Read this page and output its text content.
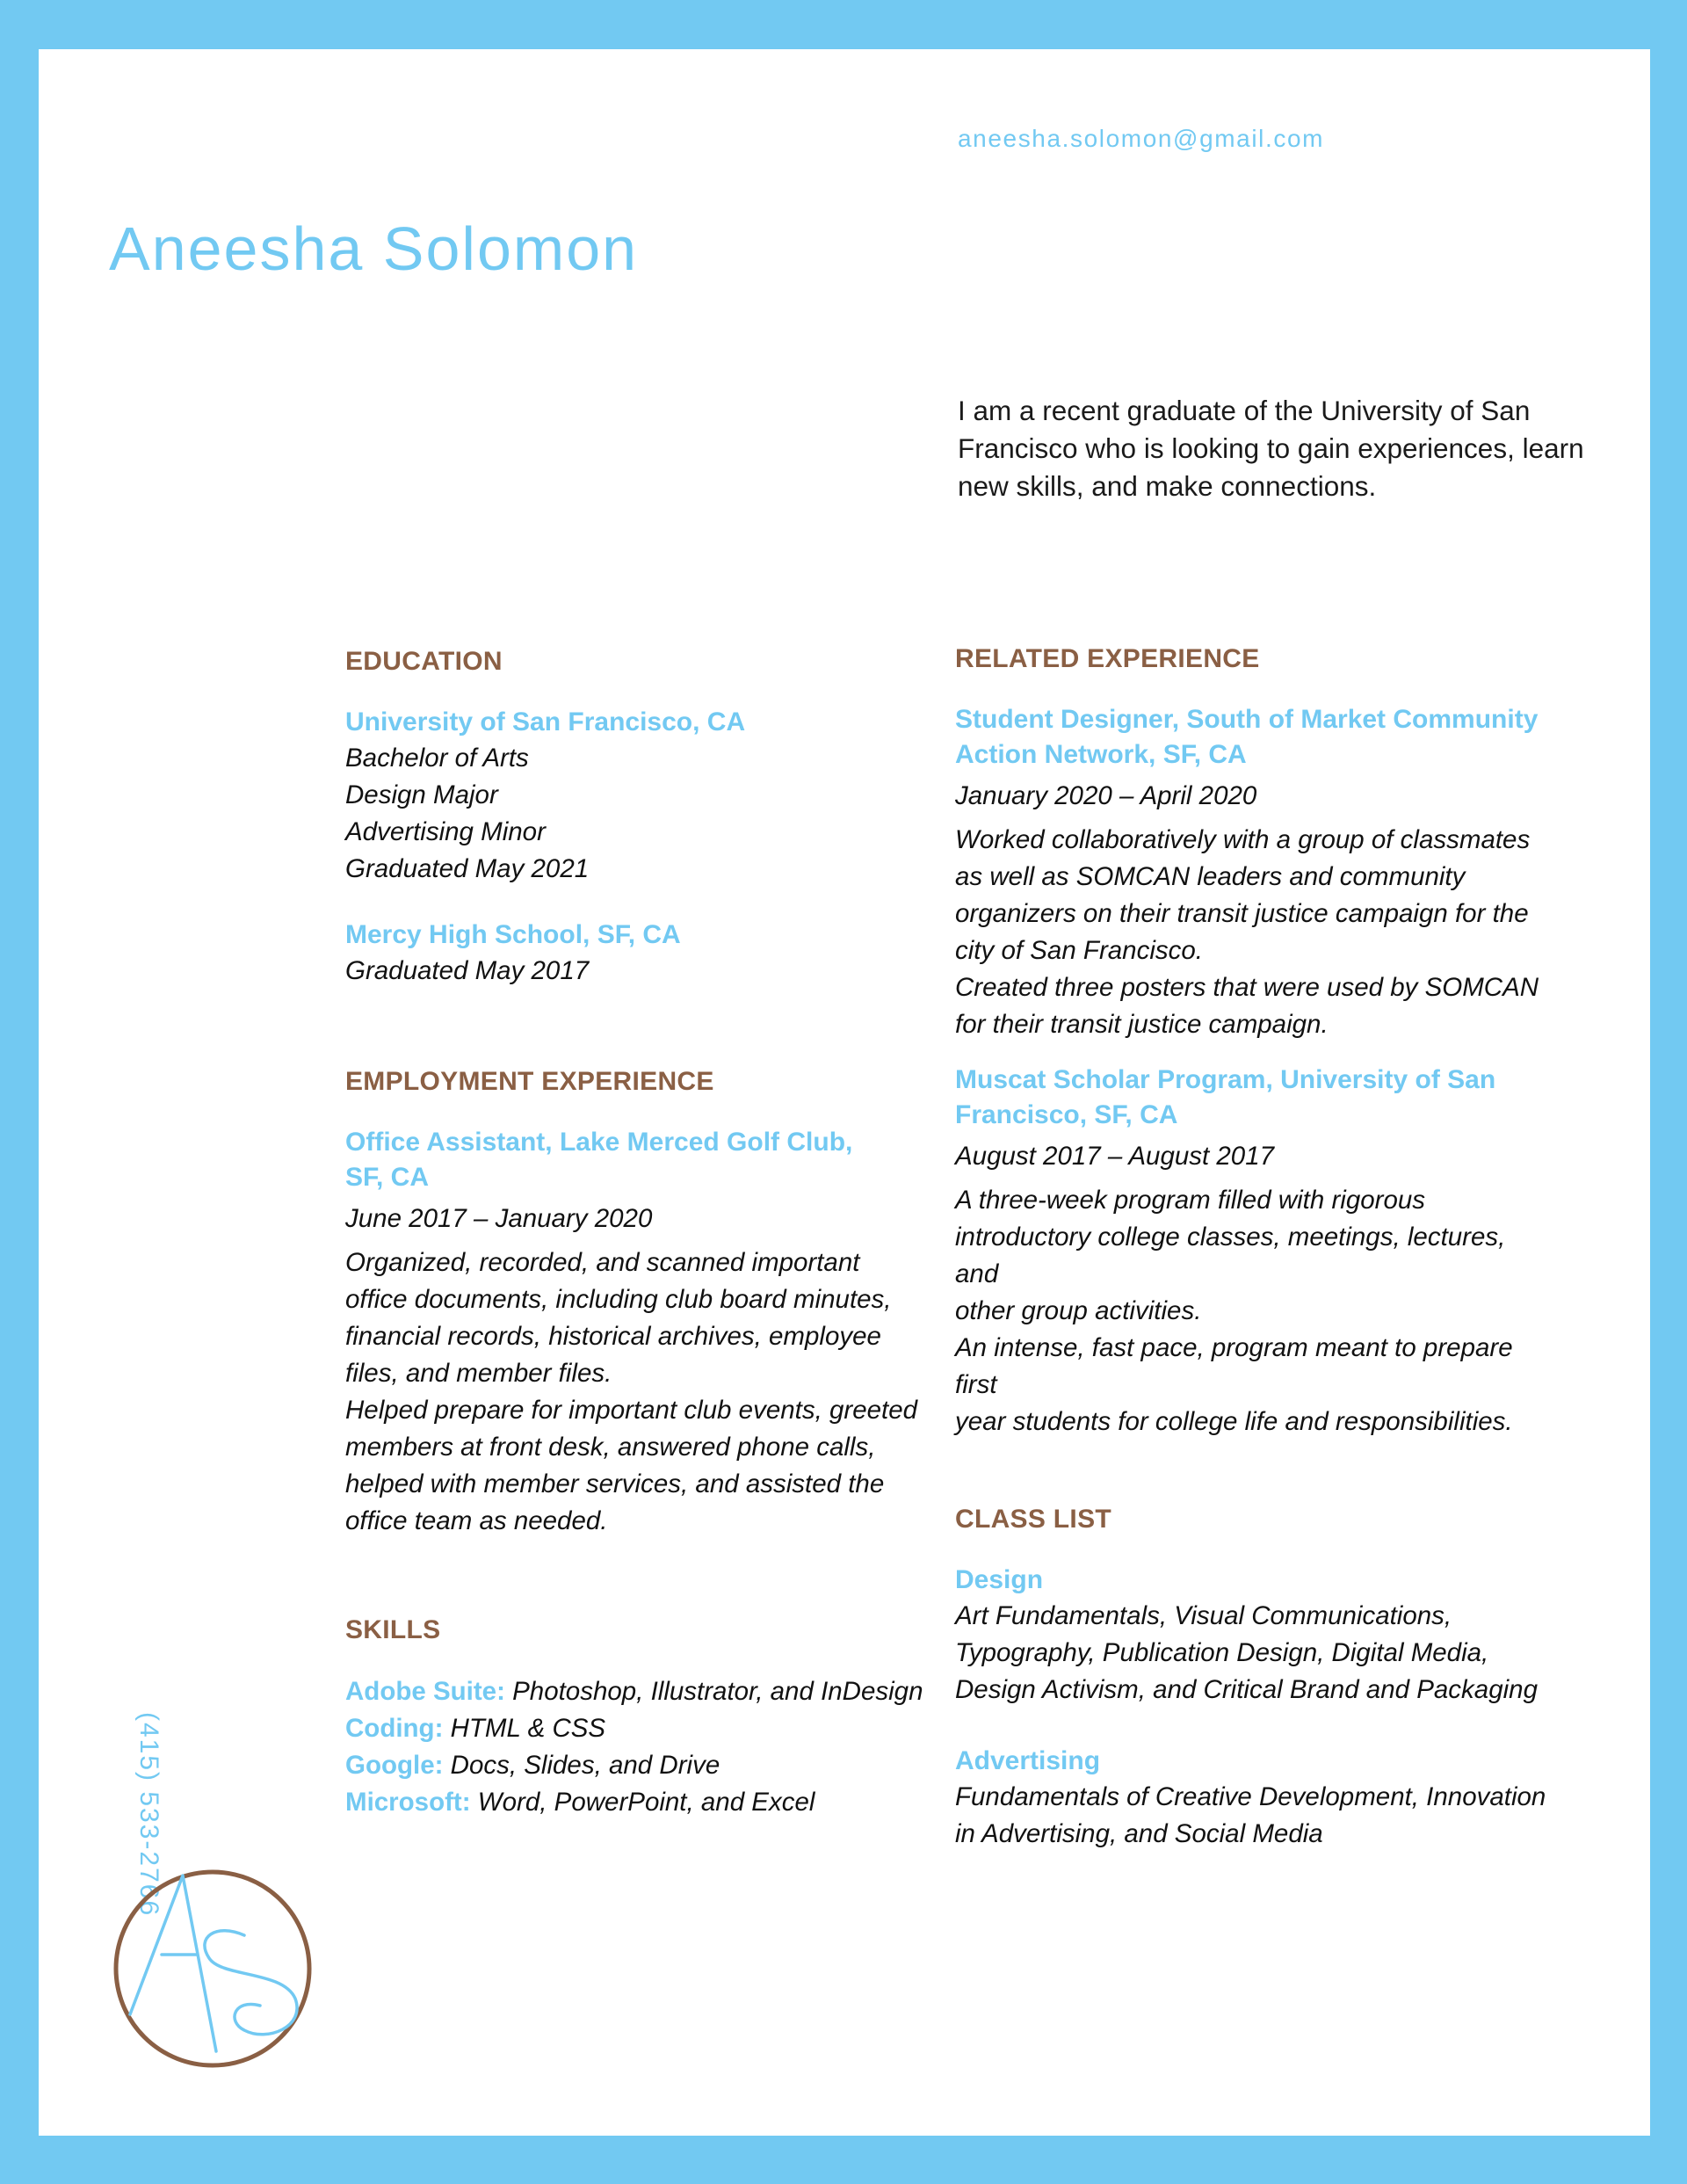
aneesha.solomon@gmail.com
Aneesha Solomon
I am a recent graduate of the University of San Francisco who is looking to gain experiences, learn new skills, and make connections.
EDUCATION
University of San Francisco, CA
Bachelor of Arts
Design Major
Advertising Minor
Graduated May 2021
Mercy High School, SF, CA
Graduated May 2017
EMPLOYMENT EXPERIENCE
Office Assistant, Lake Merced Golf Club,
SF, CA
June 2017 – January 2020
Organized, recorded, and scanned important
office documents, including club board minutes,
financial records, historical archives, employee
files, and member files.
Helped prepare for important club events, greeted
members at front desk, answered phone calls,
helped with member services, and assisted the
office team as needed.
SKILLS
Adobe Suite: Photoshop, Illustrator, and InDesign
Coding: HTML & CSS
Google: Docs, Slides, and Drive
Microsoft: Word, PowerPoint, and Excel
RELATED EXPERIENCE
Student Designer, South of Market Community
Action Network, SF, CA
January 2020 – April 2020
Worked collaboratively with a group of classmates
as well as SOMCAN leaders and community
organizers on their transit justice campaign for the
city of San Francisco.
Created three posters that were used by SOMCAN
for their transit justice campaign.
Muscat Scholar Program, University of San
Francisco, SF, CA
August 2017 – August 2017
A three-week program filled with rigorous
introductory college classes, meetings, lectures, and
other group activities.
An intense, fast pace, program meant to prepare first
year students for college life and responsibilities.
CLASS LIST
Design
Art Fundamentals, Visual Communications,
Typography, Publication Design, Digital Media,
Design Activism, and Critical Brand and Packaging
Advertising
Fundamentals of Creative Development, Innovation
in Advertising, and Social Media
(415) 533-2766
